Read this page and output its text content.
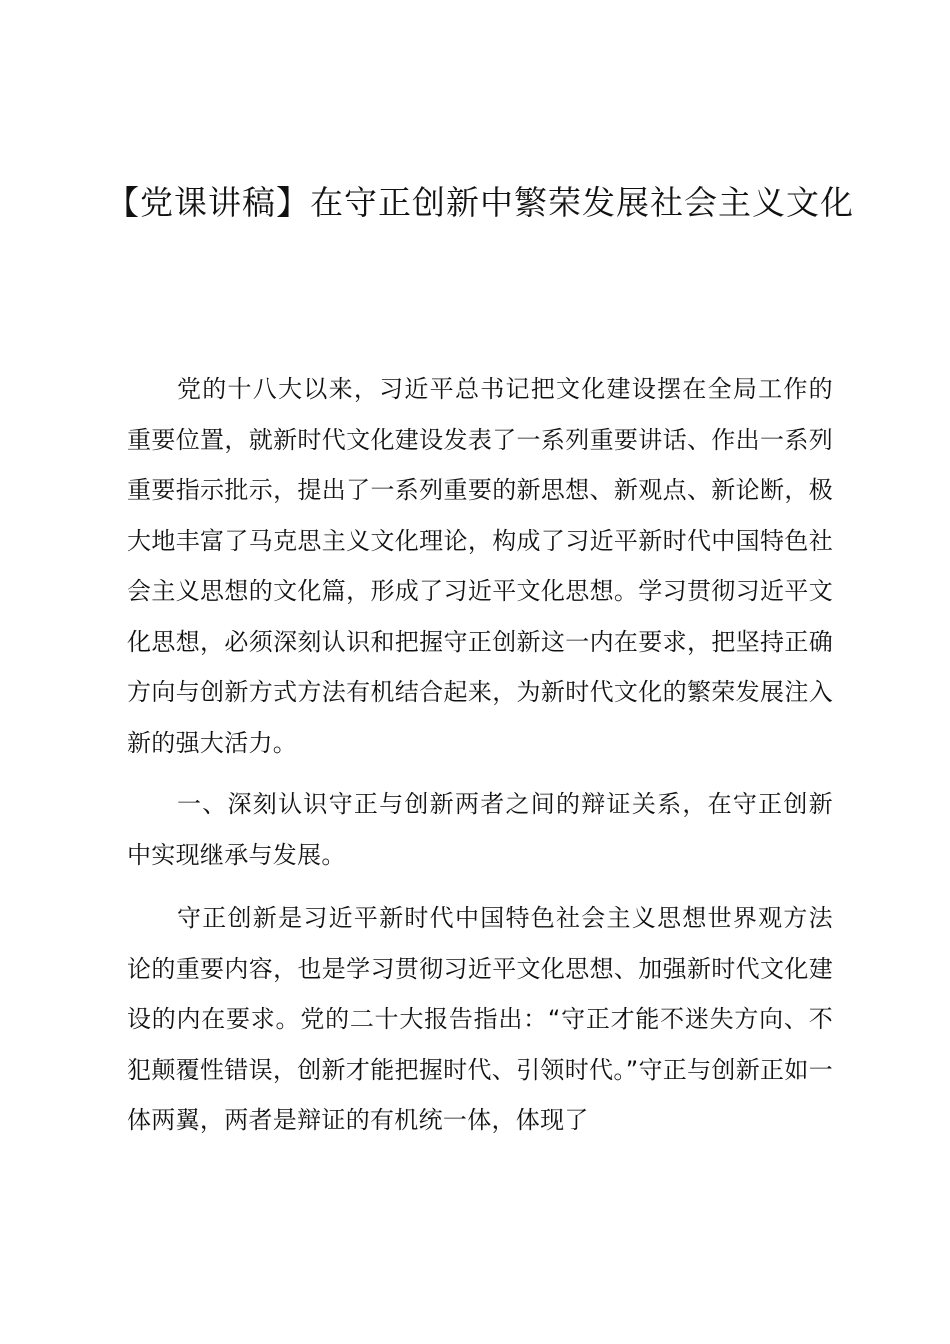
【党课讲稿】在守正创新中繁荣发展社会主义文化

党的十八大以来，习近平总书记把文化建设摆在全局工作的重要位置，就新时代文化建设发表了一系列重要讲话、作出一系列重要指示批示，提出了一系列重要的新思想、新观点、新论断，极大地丰富了马克思主义文化理论，构成了习近平新时代中国特色社会主义思想的文化篇，形成了习近平文化思想。学习贯彻习近平文化思想，必须深刻认识和把握守正创新这一内在要求，把坚持正确方向与创新方式方法有机结合起来，为新时代文化的繁荣发展注入新的强大活力。

一、深刻认识守正与创新两者之间的辩证关系，在守正创新中实现继承与发展。

守正创新是习近平新时代中国特色社会主义思想世界观方法论的重要内容，也是学习贯彻习近平文化思想、加强新时代文化建设的内在要求。党的二十大报告指出：“守正才能不迷失方向、不犯颠覆性错误，创新才能把握时代、引领时代。”守正与创新正如一体两翼，两者是辩证的有机统一体，体现了
